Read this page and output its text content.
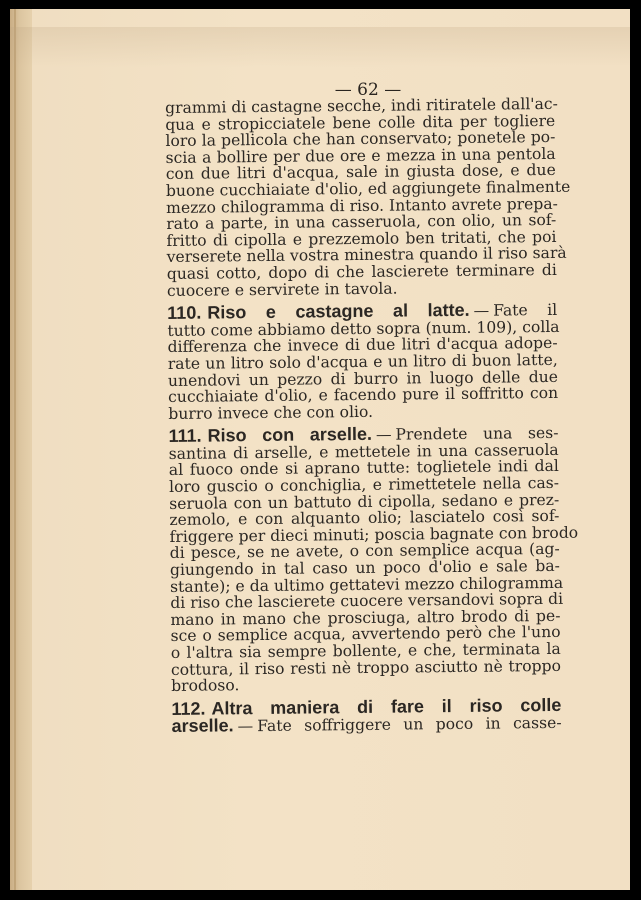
— 62 —
grammi di castagne secche, indi ritiratele dall'ac-
qua e stropicciatele bene colle dita per togliere
loro la pellicola che han conservato; ponetele po-
scia a bollire per due ore e mezza in una pentola
con due litri d'acqua, sale in giusta dose, e due
buone cucchiaiate d'olio, ed aggiungete finalmente
mezzo chilogramma di riso. Intanto avrete prepa-
rato a parte, in una casseruola, con olio, un sof-
fritto di cipolla e prezzemolo ben tritati, che poi
verserete nella vostra minestra quando il riso sarà
quasi cotto, dopo di che lascierete terminare di
cuocere e servirete in tavola.
110. Riso e castagne al latte. — Fate il
tutto come abbiamo detto sopra (num. 109), colla
differenza che invece di due litri d'acqua adope-
rate un litro solo d'acqua e un litro di buon latte,
unendovi un pezzo di burro in luogo delle due
cucchiaiate d'olio, e facendo pure il soffritto con
burro invece che con olio.
111. Riso con arselle. — Prendete una ses-
santina di arselle, e mettetele in una casseruola
al fuoco onde si aprano tutte: toglietele indi dal
loro guscio o conchiglia, e rimettetele nella cas-
seruola con un battuto di cipolla, sedano e prez-
zemolo, e con alquanto olio; lasciatelo così sof-
friggere per dieci minuti; poscia bagnate con brodo
di pesce, se ne avete, o con semplice acqua (ag-
giungendo in tal caso un poco d'olio e sale ba-
stante); e da ultimo gettatevi mezzo chilogramma
di riso che lascierete cuocere versandovi sopra di
mano in mano che prosciuga, altro brodo di pe-
sce o semplice acqua, avvertendo però che l'uno
o l'altra sia sempre bollente, e che, terminata la
cottura, il riso resti nè troppo asciutto nè troppo
brodoso.
112. Altra maniera di fare il riso colle
arselle. — Fate soffriggere un poco in casse-
